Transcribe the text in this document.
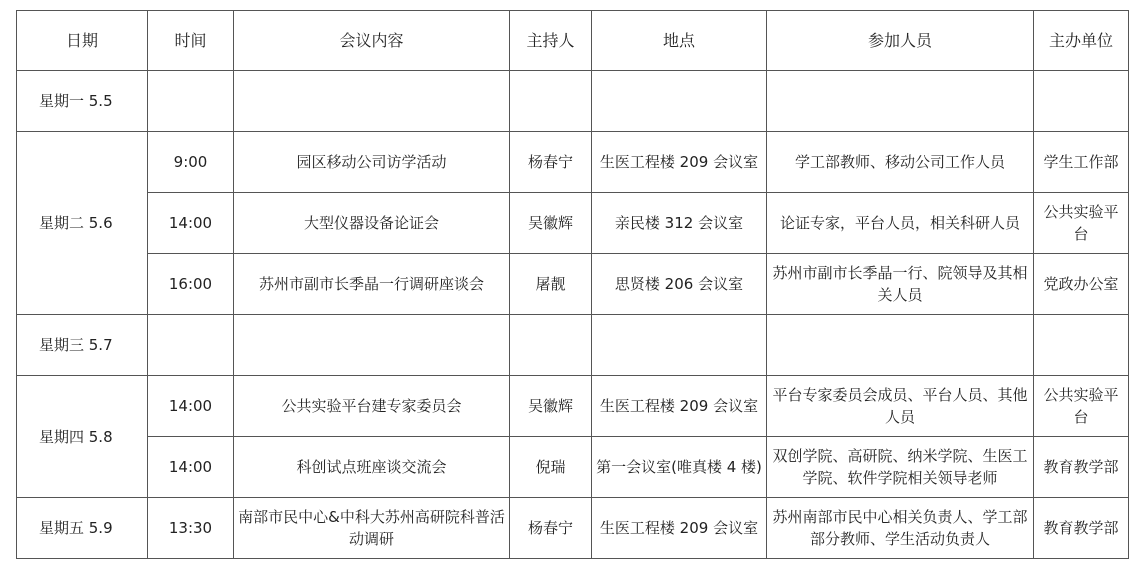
日期	时间	会议内容	主持人	地点	参加人员	主办单位
星期一 5.5						
星期二 5.6	9:00	园区移动公司访学活动	杨春宁	生医工程楼 209 会议室	学工部教师、移动公司工作人员	学生工作部
	14:00	大型仪器设备论证会	吴徽辉	亲民楼 312 会议室	论证专家，平台人员，相关科研人员	公共实验平台
	16:00	苏州市副市长季晶一行调研座谈会	屠靓	思贤楼 206 会议室	苏州市副市长季晶一行、院领导及其相关人员	党政办公室
星期三 5.7						
星期四 5.8	14:00	公共实验平台建专家委员会	吴徽辉	生医工程楼 209 会议室	平台专家委员会成员、平台人员、其他人员	公共实验平台
	14:00	科创试点班座谈交流会	倪瑞	第一会议室(唯真楼 4 楼)	双创学院、高研院、纳米学院、生医工学院、软件学院相关领导老师	教育教学部
星期五 5.9	13:30	南部市民中心&中科大苏州高研院科普活动调研	杨春宁	生医工程楼 209 会议室	苏州南部市民中心相关负责人、学工部部分教师、学生活动负责人	教育教学部
